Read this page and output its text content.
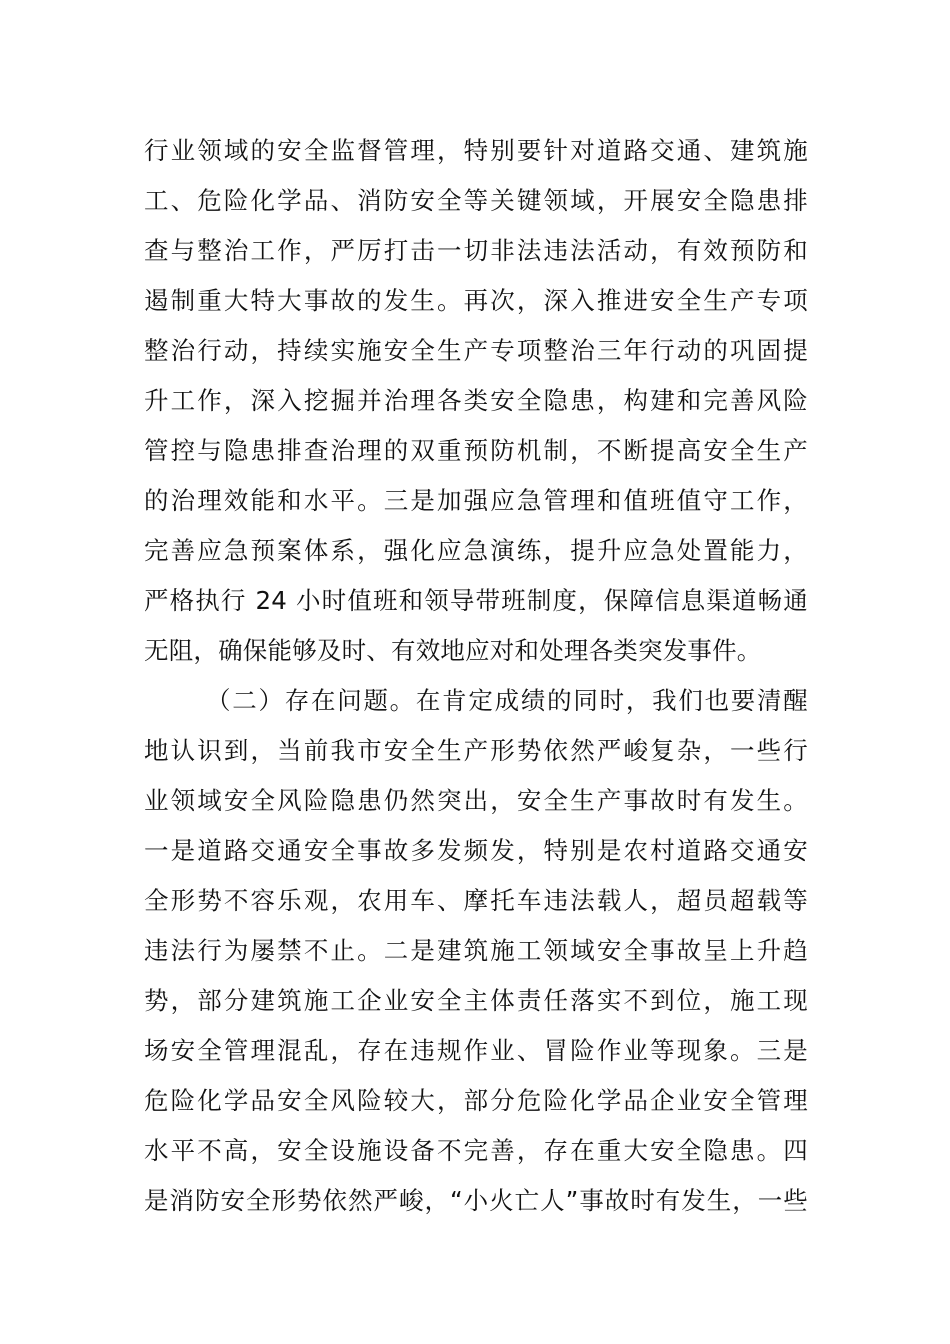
行业领域的安全监督管理，特别要针对道路交通、建筑施
工、危险化学品、消防安全等关键领域，开展安全隐患排
查与整治工作，严厉打击一切非法违法活动，有效预防和
遏制重大特大事故的发生。再次，深入推进安全生产专项
整治行动，持续实施安全生产专项整治三年行动的巩固提
升工作，深入挖掘并治理各类安全隐患，构建和完善风险
管控与隐患排查治理的双重预防机制，不断提高安全生产
的治理效能和水平。三是加强应急管理和值班值守工作，
完善应急预案体系，强化应急演练，提升应急处置能力，
严格执行 24 小时值班和领导带班制度，保障信息渠道畅通
无阻，确保能够及时、有效地应对和处理各类突发事件。
（二）存在问题。在肯定成绩的同时，我们也要清醒
地认识到，当前我市安全生产形势依然严峻复杂，一些行
业领域安全风险隐患仍然突出，安全生产事故时有发生。
一是道路交通安全事故多发频发，特别是农村道路交通安
全形势不容乐观，农用车、摩托车违法载人，超员超载等
违法行为屡禁不止。二是建筑施工领域安全事故呈上升趋
势，部分建筑施工企业安全主体责任落实不到位，施工现
场安全管理混乱，存在违规作业、冒险作业等现象。三是
危险化学品安全风险较大，部分危险化学品企业安全管理
水平不高，安全设施设备不完善，存在重大安全隐患。四
是消防安全形势依然严峻，“小火亡人”事故时有发生，一些
